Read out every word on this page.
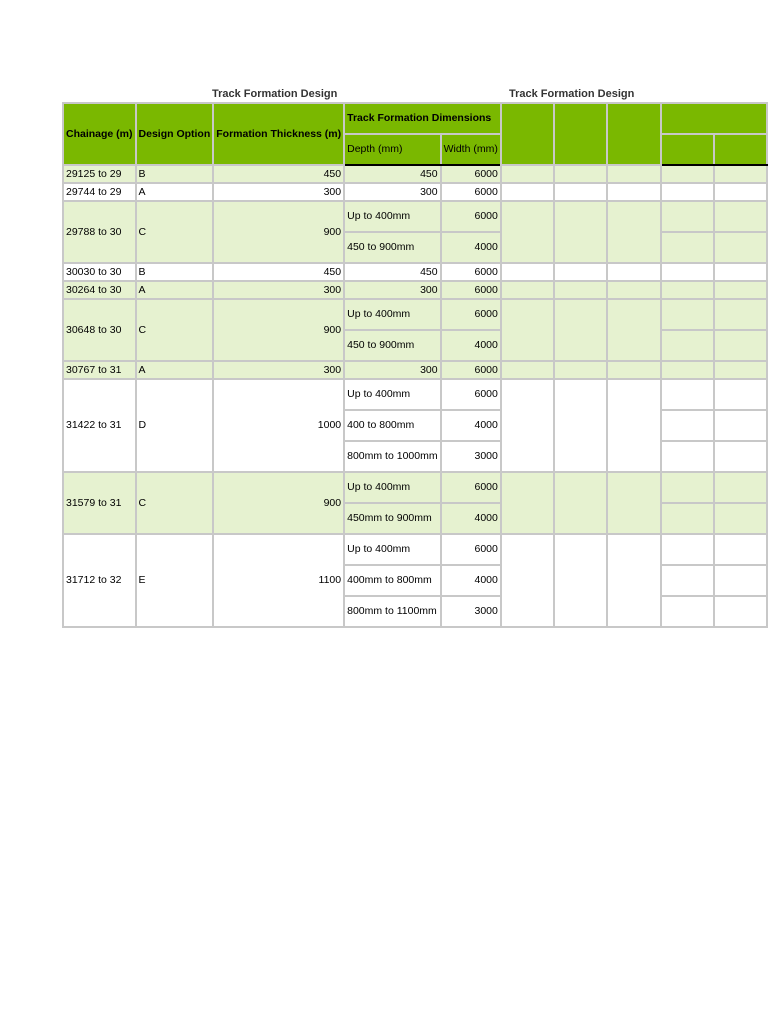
Track Formation Design	Track Formation Design
Chainage (m)	Design Option	Formation Thickness (m)	Track Formation Dimensions						
			Depth (mm)	Width (mm)					
29125 to 29	B	450	450	6000					
29744 to 29	A	300	300	6000					
29788 to 30	C	900	Up to 400mm	6000					
			450 to 900mm	4000					
30030 to 30	B	450	450	6000					
30264 to 30	A	300	300	6000					
30648 to 30	C	900	Up to 400mm	6000					
			450 to 900mm	4000					
30767 to 31	A	300	300	6000					
31422 to 31	D	1000	Up to 400mm	6000					
			400 to 800mm	4000					
			800mm to 1000mm	3000					
31579 to 31	C	900	Up to 400mm	6000					
			450mm to 900mm	4000					
31712 to 32	E	1100	Up to 400mm	6000					
			400mm to 800mm	4000					
			800mm to 1100mm	3000					
